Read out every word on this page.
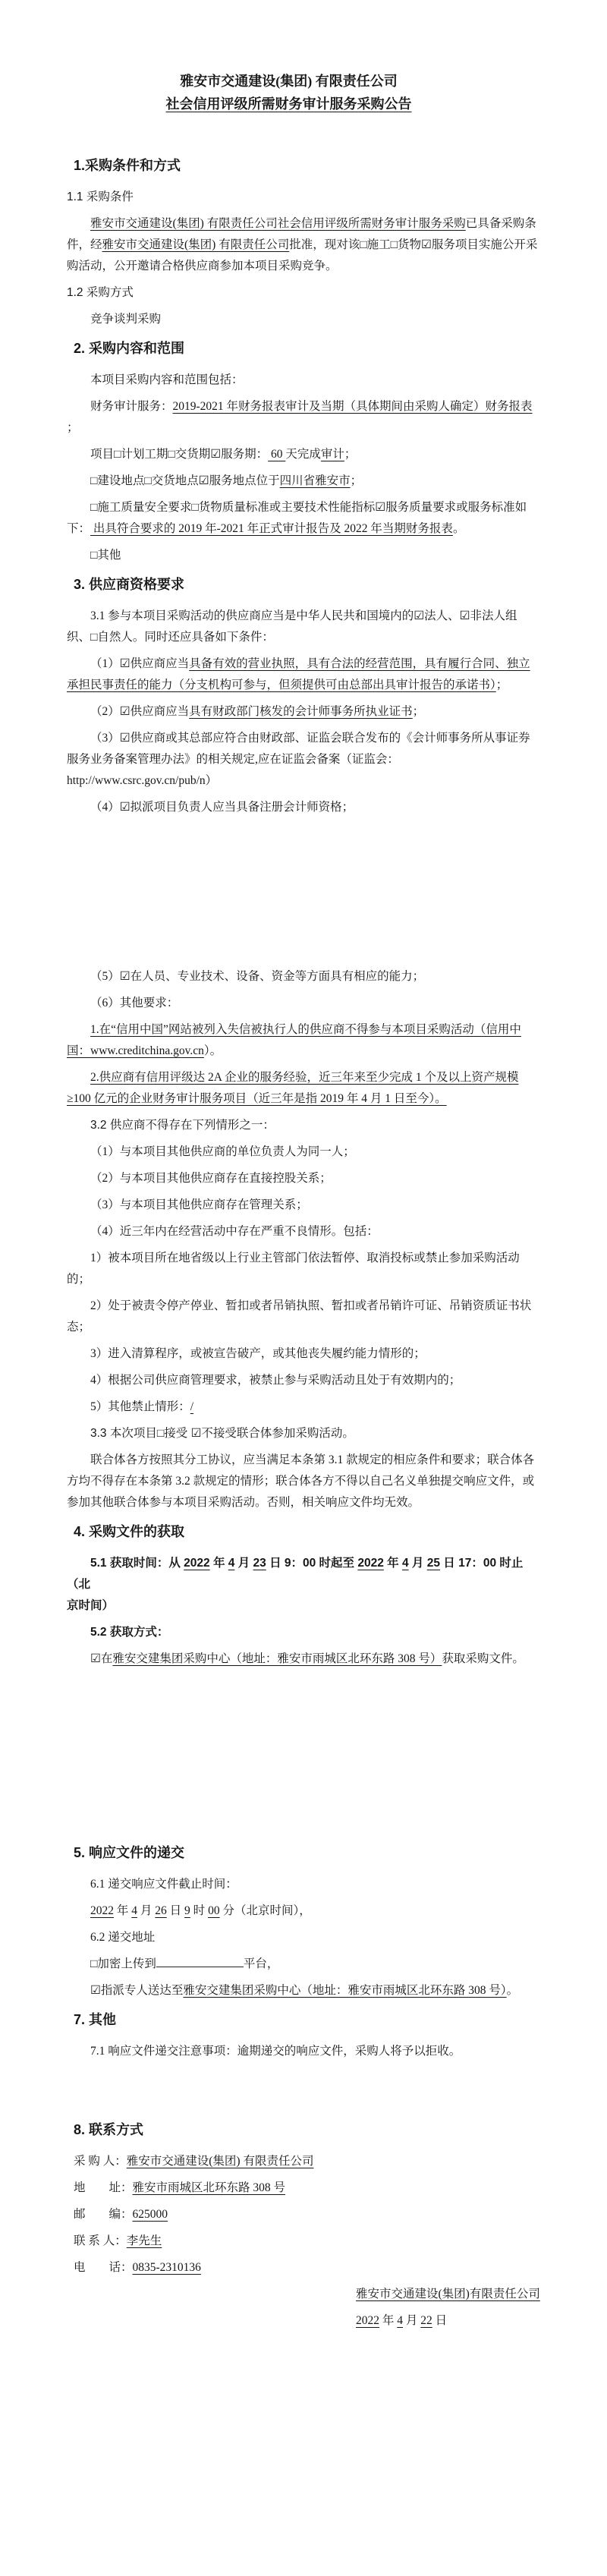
雅安市交通建设(集团) 有限责任公司

社会信用评级所需财务审计服务采购公告

1.采购条件和方式

1.1 采购条件

雅安市交通建设(集团) 有限责任公司社会信用评级所需财务审计服务采购已具备采购条件，经雅安市交通建设(集团) 有限责任公司批准，现对该□施工□货物☑服务项目实施公开采购活动，公开邀请合格供应商参加本项目采购竞争。

1.2 采购方式

竞争谈判采购

2. 采购内容和范围

本项目采购内容和范围包括：

财务审计服务：2019-2021 年财务报表审计及当期（具体期间由采购人确定）财务报表 ；

项目□计划工期□交货期☑服务期： 60 天完成审计；

□建设地点□交货地点☑服务地点位于四川省雅安市；

□施工质量安全要求□货物质量标准或主要技术性能指标☑服务质量要求或服务标准如下： 出具符合要求的 2019 年-2021 年正式审计报告及 2022 年当期财务报表。

□其他

3. 供应商资格要求

3.1 参与本项目采购活动的供应商应当是中华人民共和国境内的☑法人、☑非法人组织、□自然人。同时还应具备如下条件：

（1）☑供应商应当具备有效的营业执照，具有合法的经营范围，具有履行合同、独立承担民事责任的能力（分支机构可参与，但须提供可由总部出具审计报告的承诺书）；

（2）☑供应商应当具有财政部门核发的会计师事务所执业证书；

（3）☑供应商或其总部应符合由财政部、证监会联合发布的《会计师事务所从事证券服务业务备案管理办法》的相关规定,应在证监会备案（证监会：http://www.csrc.gov.cn/pub/n）

（4）☑拟派项目负责人应当具备注册会计师资格；

（5）☑在人员、专业技术、设备、资金等方面具有相应的能力；

（6）其他要求：

1.在“信用中国”网站被列入失信被执行人的供应商不得参与本项目采购活动（信用中国：www.creditchina.gov.cn）。

2.供应商有信用评级达 2A 企业的服务经验，近三年来至少完成 1 个及以上资产规模≥100 亿元的企业财务审计服务项目（近三年是指 2019 年 4 月 1 日至今）。

3.2 供应商不得存在下列情形之一：

（1）与本项目其他供应商的单位负责人为同一人；

（2）与本项目其他供应商存在直接控股关系；

（3）与本项目其他供应商存在管理关系；

（4）近三年内在经营活动中存在严重不良情形。包括：

1）被本项目所在地省级以上行业主管部门依法暂停、取消投标或禁止参加采购活动的；

2）处于被责令停产停业、暂扣或者吊销执照、暂扣或者吊销许可证、吊销资质证书状态；

3）进入清算程序，或被宣告破产，或其他丧失履约能力情形的；

4）根据公司供应商管理要求，被禁止参与采购活动且处于有效期内的；

5）其他禁止情形：/

3.3 本次项目□接受 ☑不接受联合体参加采购活动。

联合体各方按照其分工协议，应当满足本条第 3.1 款规定的相应条件和要求；联合体各方均不得存在本条第 3.2 款规定的情形；联合体各方不得以自己名义单独提交响应文件，或参加其他联合体参与本项目采购活动。否则，相关响应文件均无效。

4. 采购文件的获取

5.1 获取时间：从 2022 年 4 月 23 日 9：00 时起至 2022 年 4 月 25 日 17：00 时止（北
京时间）

5.2 获取方式：

☑在雅安交建集团采购中心（地址：雅安市雨城区北环东路 308 号）获取采购文件。

5. 响应文件的递交

6.1 递交响应文件截止时间：

2022 年 4 月 26 日 9 时 00 分（北京时间），

6.2 递交地址

□加密上传到	平台，

☑指派专人送达至雅安交建集团采购中心（地址：雅安市雨城区北环东路 308 号）。

7. 其他

7.1 响应文件递交注意事项：逾期递交的响应文件，采购人将予以拒收。

8. 联系方式

采 购 人：雅安市交通建设(集团) 有限责任公司

地　　址：雅安市雨城区北环东路 308 号

邮　　编：625000

联 系 人：李先生

电　　话：0835-2310136

雅安市交通建设(集团)有限责任公司

2022 年 4 月 22 日
